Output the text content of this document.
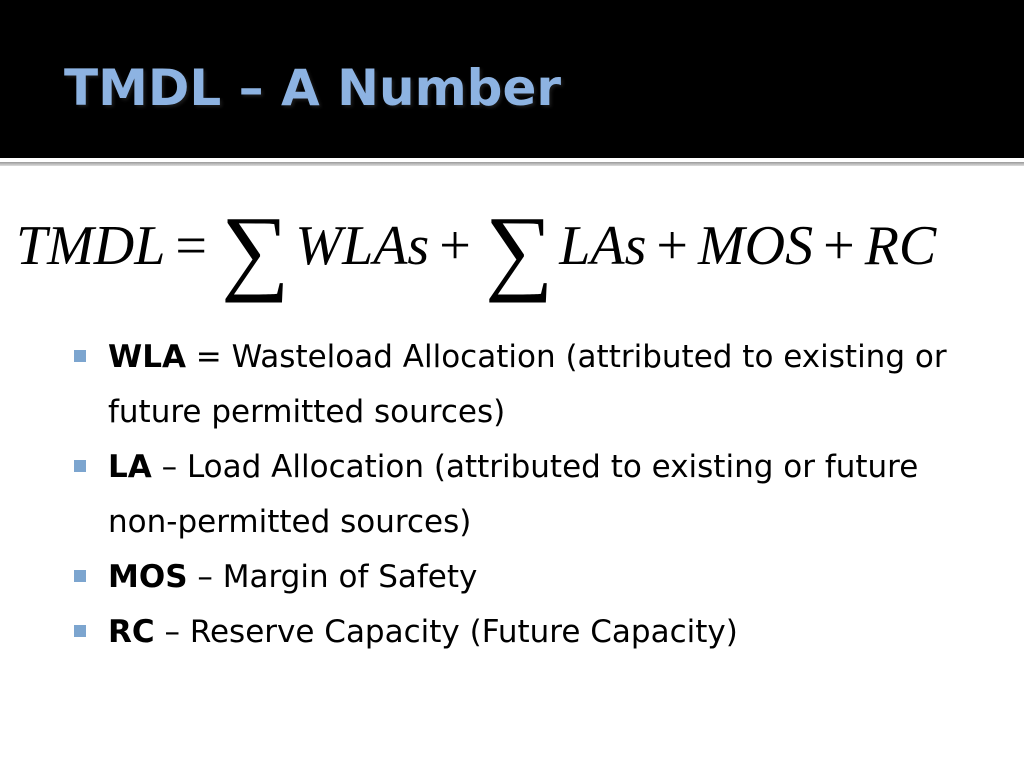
TMDL – A Number
TMDL = ∑ WLAs + ∑ LAs + MOS + RC
WLA = Wasteload Allocation (attributed to existing or future permitted sources)
LA – Load Allocation (attributed to existing or future non-permitted sources)
MOS – Margin of Safety
RC – Reserve Capacity (Future Capacity)
